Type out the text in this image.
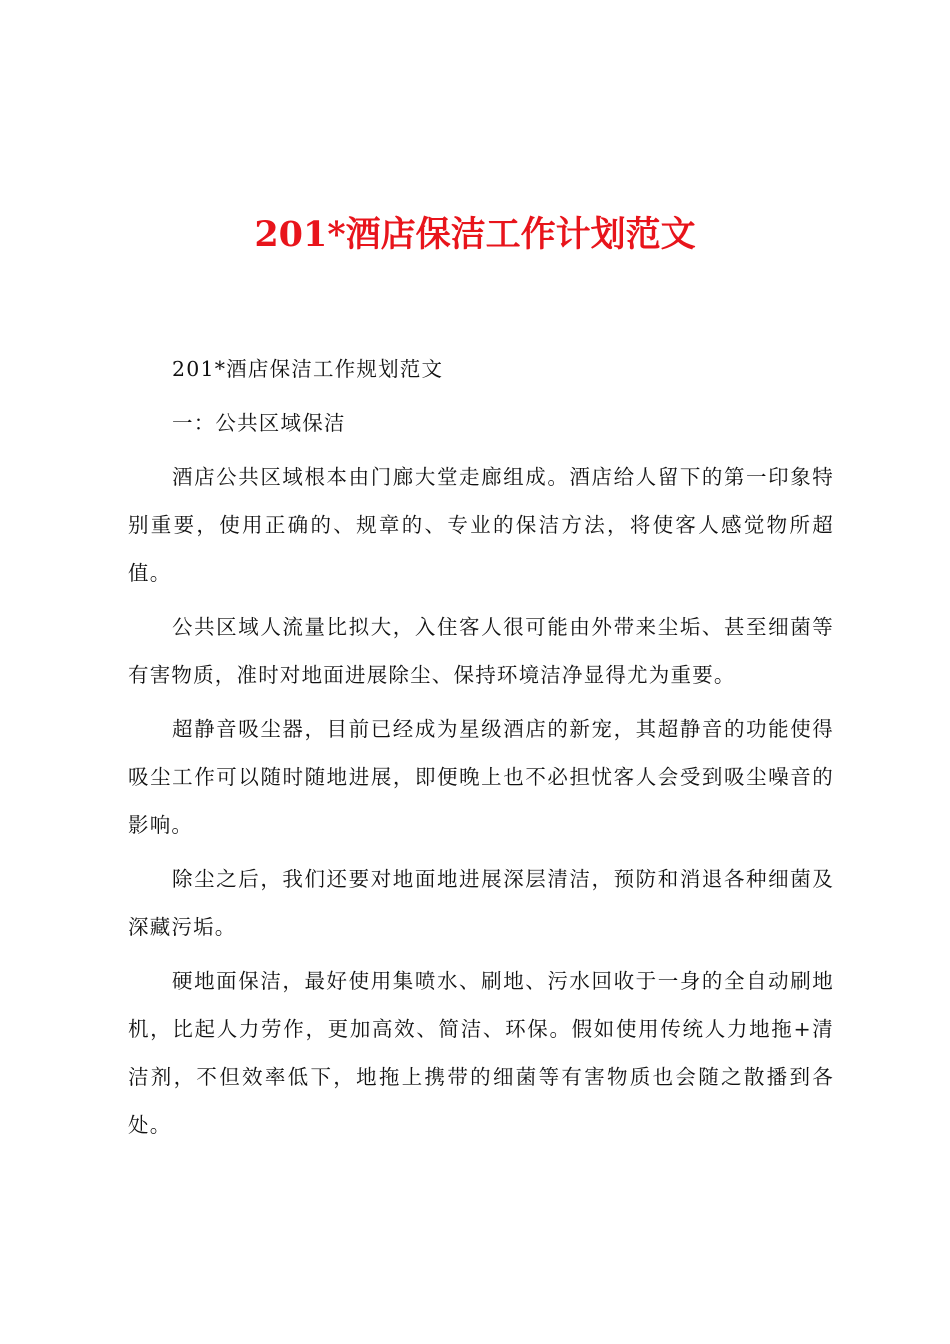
201*酒店保洁工作计划范文

201*酒店保洁工作规划范文

一：公共区域保洁

酒店公共区域根本由门廊大堂走廊组成。酒店给人留下的第一印象特别重要，使用正确的、规章的、专业的保洁方法，将使客人感觉物所超值。

公共区域人流量比拟大，入住客人很可能由外带来尘垢、甚至细菌等有害物质，准时对地面进展除尘、保持环境洁净显得尤为重要。

超静音吸尘器，目前已经成为星级酒店的新宠，其超静音的功能使得吸尘工作可以随时随地进展，即便晚上也不必担忧客人会受到吸尘噪音的影响。

除尘之后，我们还要对地面地进展深层清洁，预防和消退各种细菌及深藏污垢。

硬地面保洁，最好使用集喷水、刷地、污水回收于一身的全自动刷地机，比起人力劳作，更加高效、简洁、环保。假如使用传统人力地拖+清洁剂，不但效率低下，地拖上携带的细菌等有害物质也会随之散播到各处。
